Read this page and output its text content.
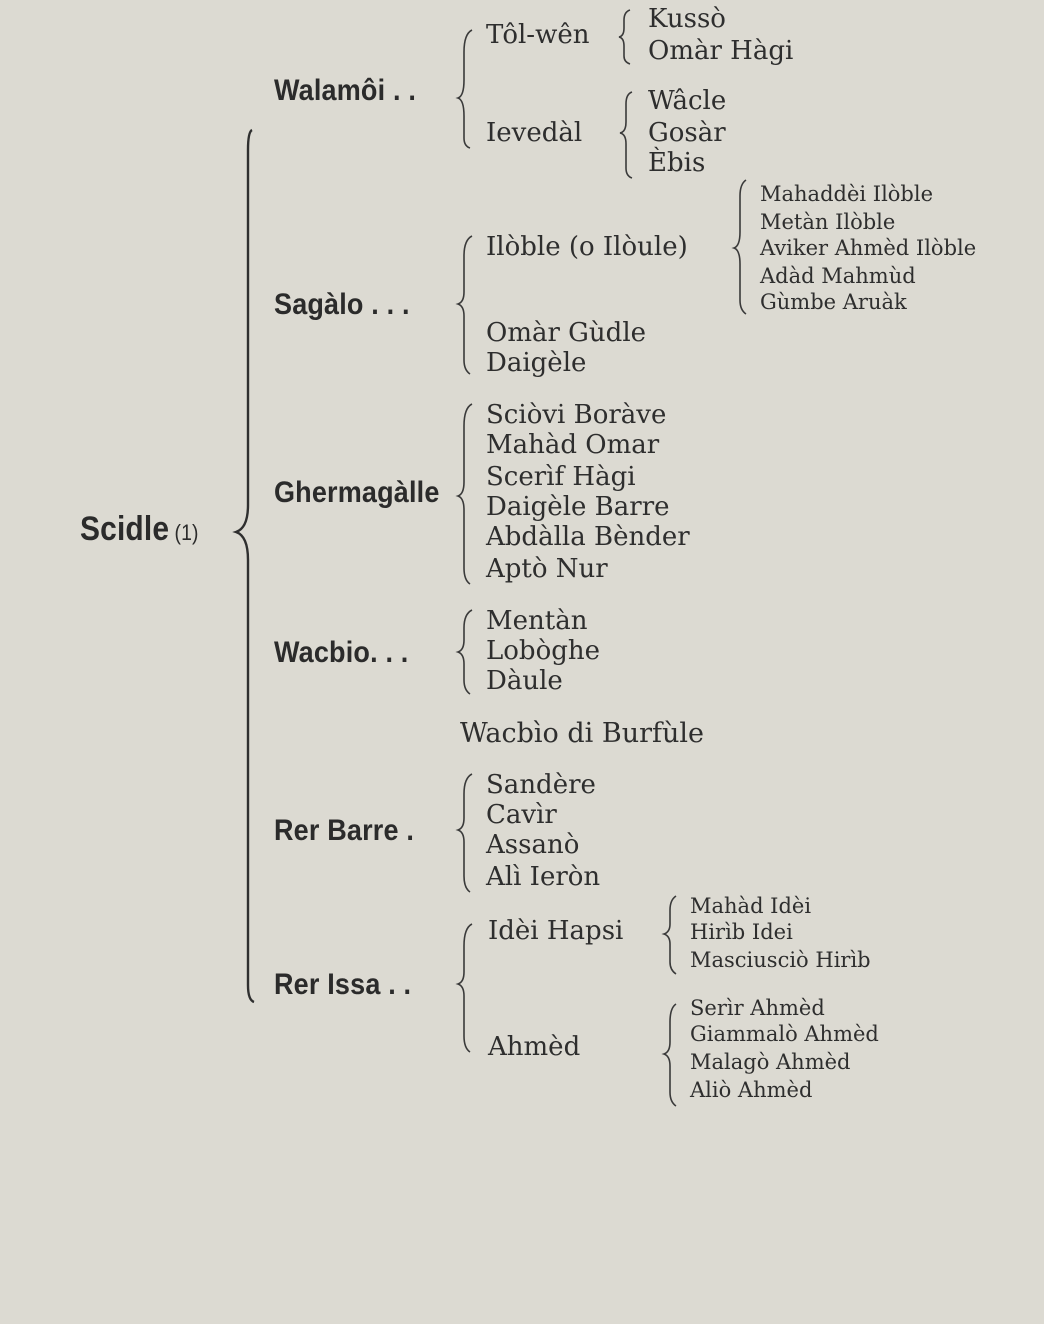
Scidle (1)
Walamôi . .
Sagàlo . . .
Ghermagàlle
Wacbio. . .
Wacbìo di Burfùle
Rer Barre .
Rer Issa . .
Tôl-wên
Kussò
Omàr Hàgi
Ievedàl
Wâcle
Gosàr
Èbis
Ilòble (o Ilòule)
Mahaddèi Ilòble
Metàn Ilòble
Aviker Ahmèd Ilòble
Adàd Mahmùd
Gùmbe Aruàk
Omàr Gùdle
Daigèle
Sciòvi Boràve
Mahàd Omar
Scerìf Hàgi
Daigèle Barre
Abdàlla Bènder
Aptò Nur
Mentàn
Lobòghe
Dàule
Sandère
Cavìr
Assanò
Alì Ieròn
Idèi Hapsi
Mahàd Idèi
Hirìb Idei
Masciusciò Hirìb
Ahmèd
Serìr Ahmèd
Giammalò Ahmèd
Malagò Ahmèd
Aliò Ahmèd
